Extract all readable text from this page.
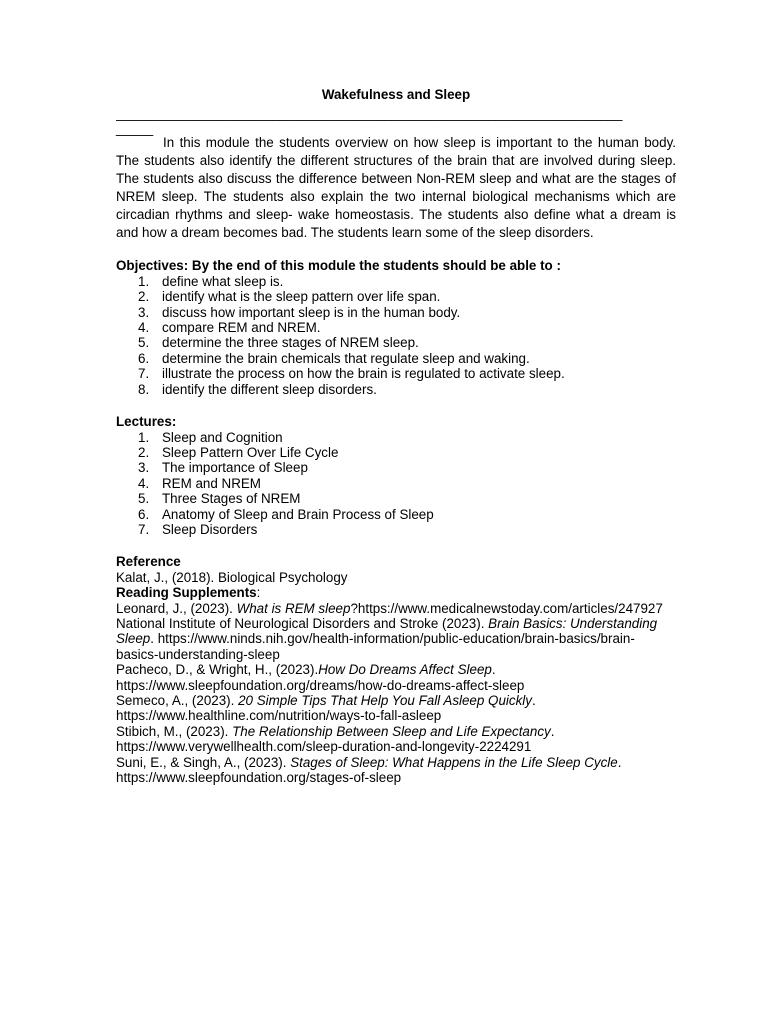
Wakefulness and Sleep
____________________________________________________________________
_____

In this module the students overview on how sleep is important to the human body. The students also identify the different structures of the brain that are involved during sleep. The students also discuss the difference between Non-REM sleep and what are the stages of NREM sleep. The students also explain the two internal biological mechanisms which are circadian rhythms and sleep- wake homeostasis. The students also define what a dream is and how a dream becomes bad. The students learn some of the sleep disorders.

Objectives: By the end of this module the students should be able to :
1. define what sleep is.
2. identify what is the sleep pattern over life span.
3. discuss how important sleep is in the human body.
4. compare REM and NREM.
5. determine the three stages of NREM sleep.
6. determine the brain chemicals that regulate sleep and waking.
7. illustrate the process on how the brain is regulated to activate sleep.
8. identify the different sleep disorders.
Lectures:
1. Sleep and Cognition
2. Sleep Pattern Over Life Cycle
3. The importance of Sleep
4. REM and NREM
5. Three Stages of NREM
6. Anatomy of Sleep and Brain Process of Sleep
7. Sleep Disorders
Reference
Kalat, J., (2018). Biological Psychology
Reading Supplements:
Leonard, J., (2023). What is REM sleep?https://www.medicalnewstoday.com/articles/247927
National Institute of Neurological Disorders and Stroke (2023). Brain Basics: Understanding Sleep. https://www.ninds.nih.gov/health-information/public-education/brain-basics/brain-basics-understanding-sleep
Pacheco, D., & Wright, H., (2023).How Do Dreams Affect Sleep. https://www.sleepfoundation.org/dreams/how-do-dreams-affect-sleep
Semeco, A., (2023). 20 Simple Tips That Help You Fall Asleep Quickly. https://www.healthline.com/nutrition/ways-to-fall-asleep
Stibich, M., (2023). The Relationship Between Sleep and Life Expectancy. https://www.verywellhealth.com/sleep-duration-and-longevity-2224291
Suni, E., & Singh, A., (2023). Stages of Sleep: What Happens in the Life Sleep Cycle. https://www.sleepfoundation.org/stages-of-sleep
